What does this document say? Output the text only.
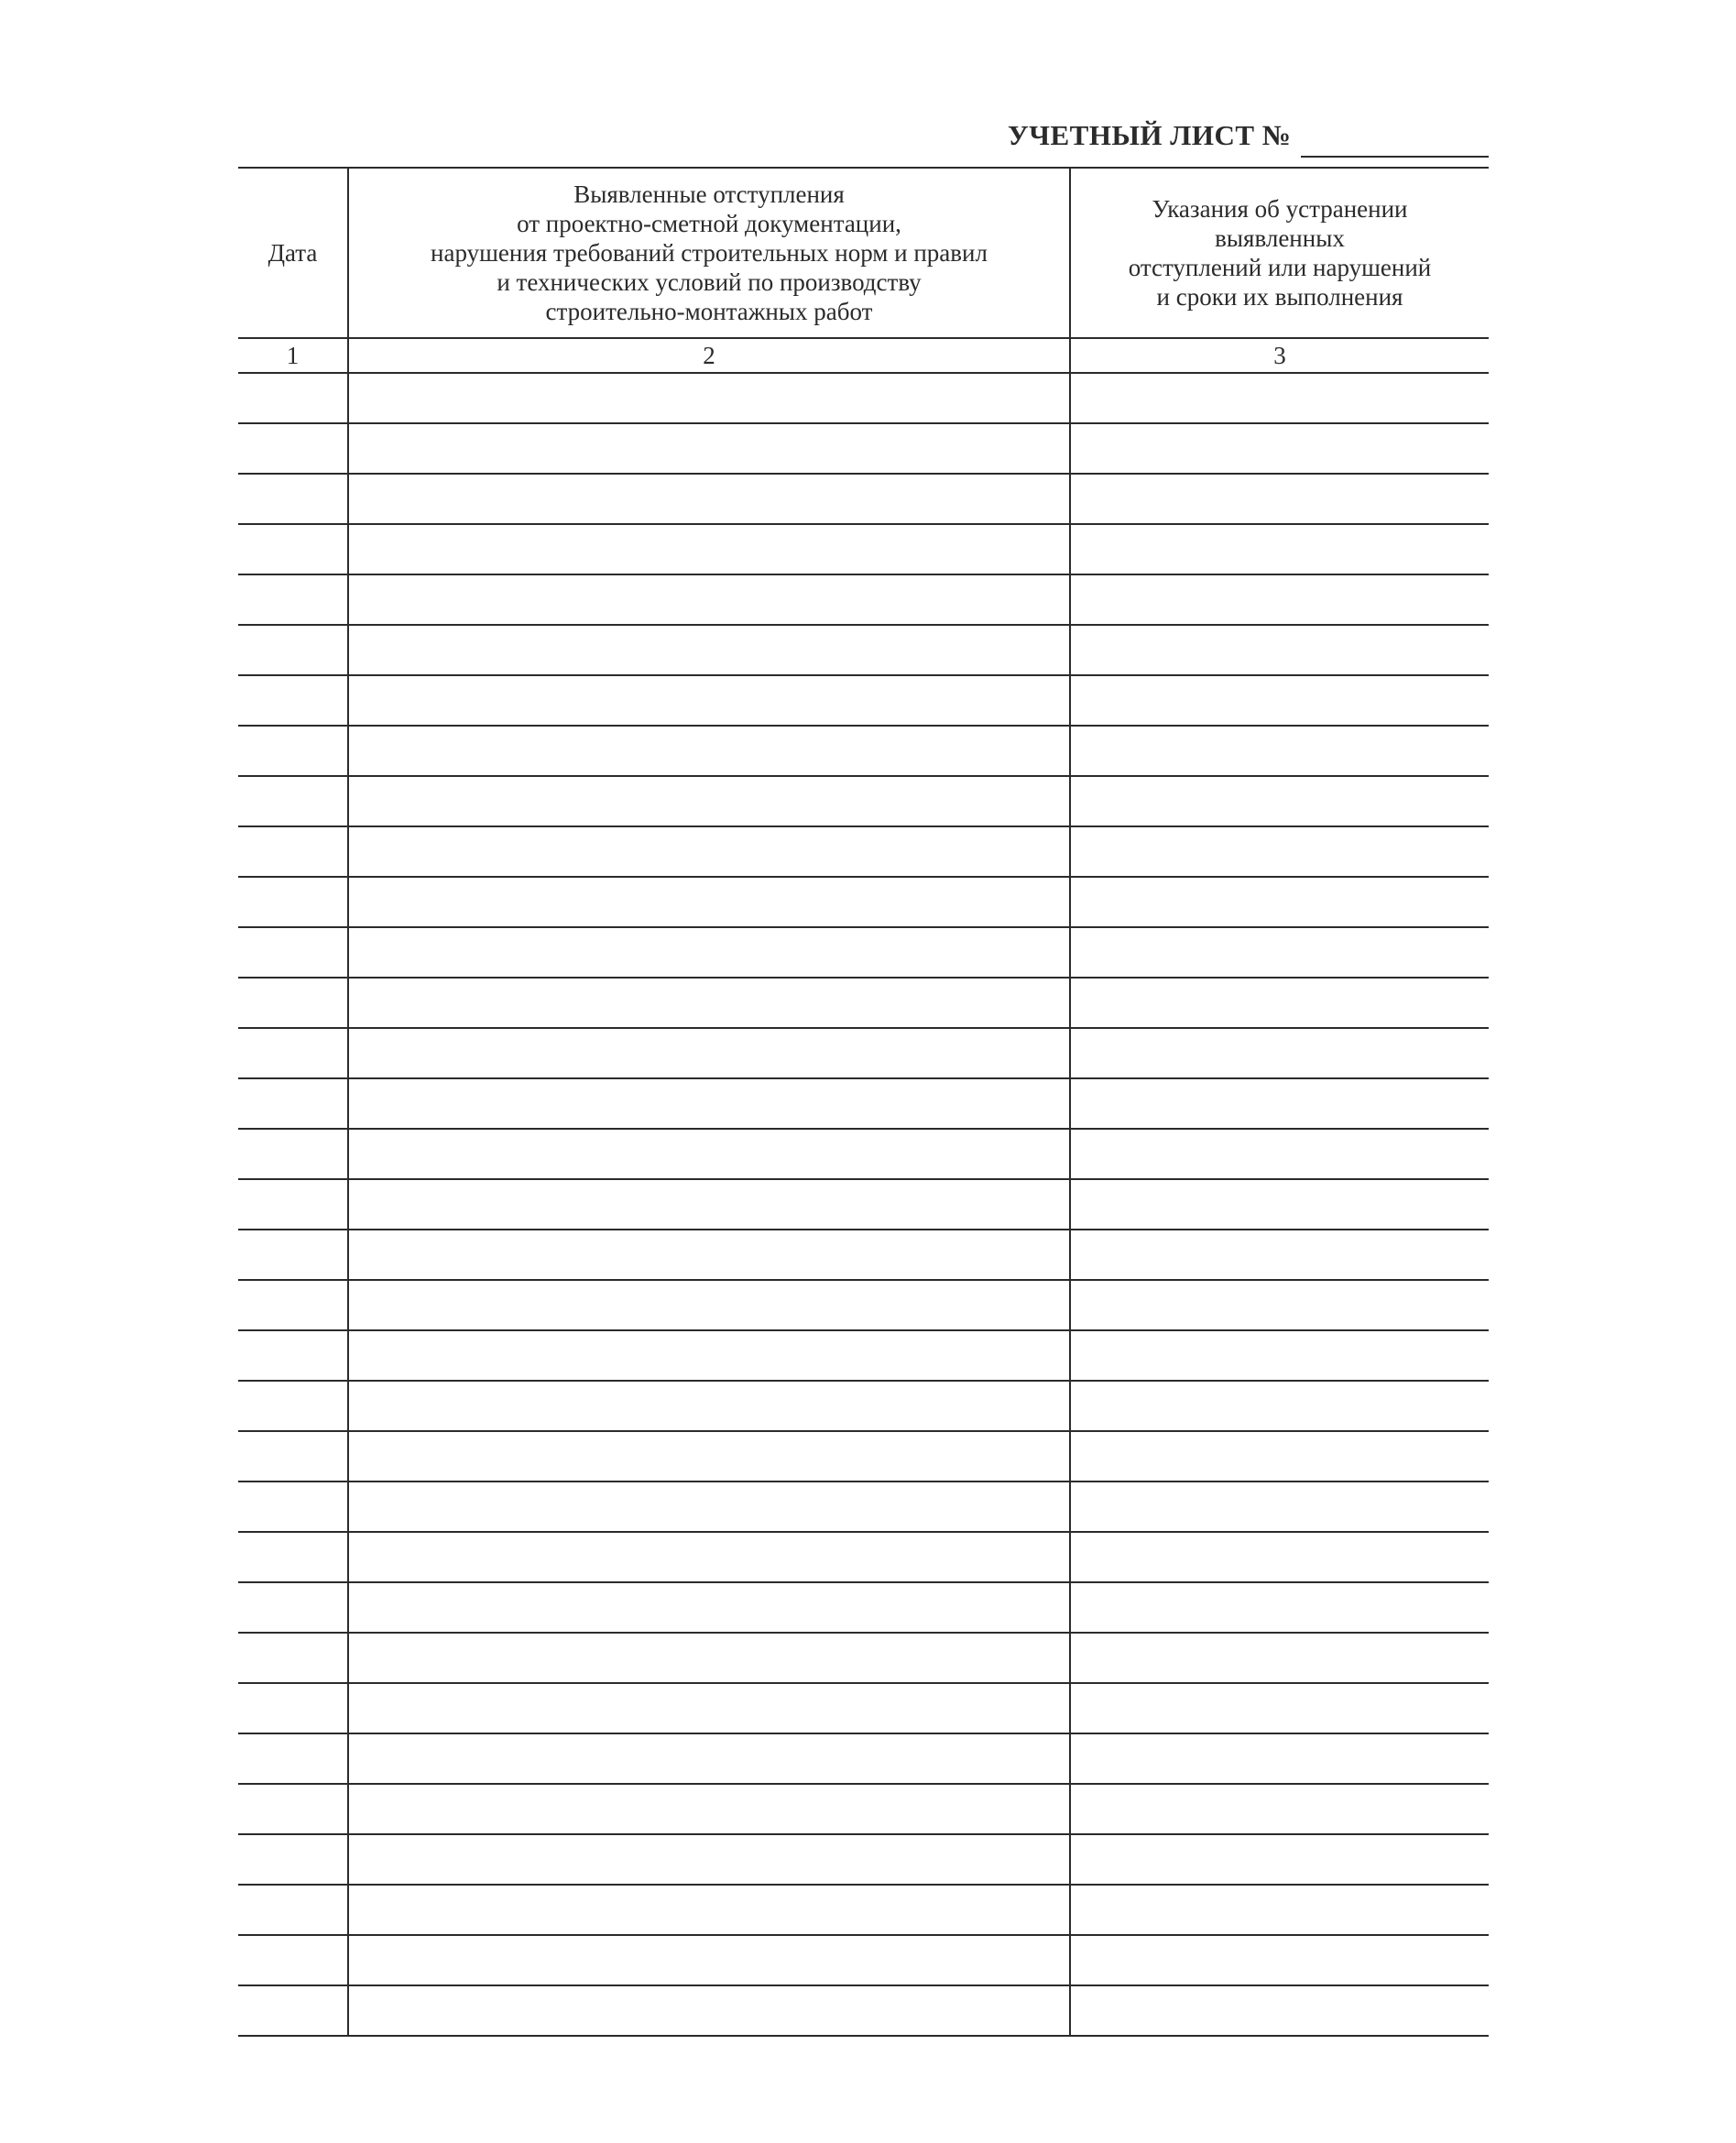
УЧЕТНЫЙ ЛИСТ №

Дата	Выявленные отступления
от проектно-сметной документации,
нарушения требований строительных норм и правил
и технических условий по производству
строительно-монтажных работ	Указания об устранении
выявленных
отступлений или нарушений
и сроки их выполнения

1	2	3
